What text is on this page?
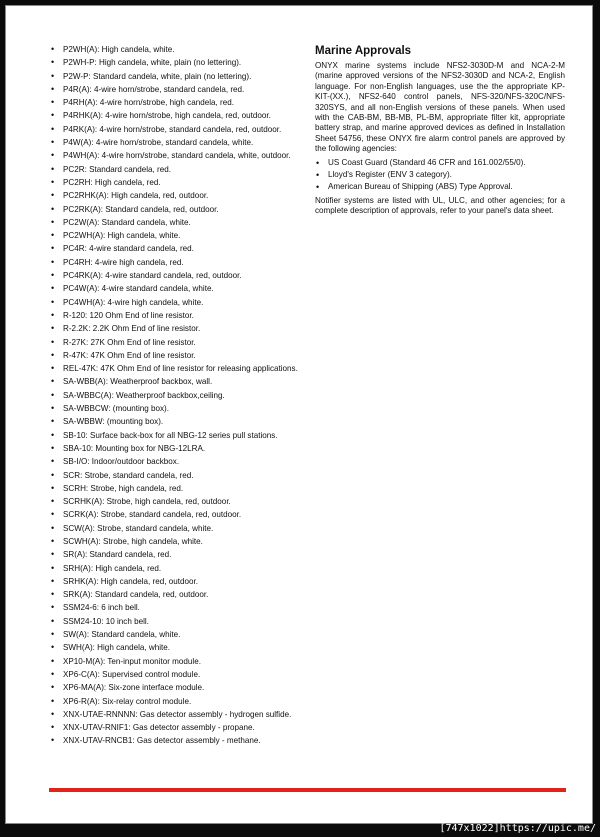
• P2WH(A): High candela, white.
• P2WH-P: High candela, white, plain (no lettering).
• P2W-P: Standard candela, white, plain (no lettering).
• P4R(A): 4-wire horn/strobe, standard candela, red.
• P4RH(A): 4-wire horn/strobe, high candela, red.
• P4RHK(A): 4-wire horn/strobe, high candela, red, outdoor.
• P4RK(A): 4-wire horn/strobe, standard candela, red, outdoor.
• P4W(A): 4-wire horn/strobe, standard candela, white.
• P4WH(A): 4-wire horn/strobe, standard candela, white, outdoor.
• PC2R: Standard candela, red.
• PC2RH: High candela, red.
• PC2RHK(A): High candela, red, outdoor.
• PC2RK(A): Standard candela, red, outdoor.
• PC2W(A): Standard candela, white.
• PC2WH(A): High candela, white.
• PC4R: 4-wire standard candela, red.
• PC4RH: 4-wire high candela, red.
• PC4RK(A): 4-wire standard candela, red, outdoor.
• PC4W(A): 4-wire standard candela, white.
• PC4WH(A): 4-wire high candela, white.
• R-120: 120 Ohm End of line resistor.
• R-2.2K: 2.2K Ohm End of line resistor.
• R-27K: 27K Ohm End of line resistor.
• R-47K: 47K Ohm End of line resistor.
• REL-47K: 47K Ohm End of line resistor for releasing applications.
• SA-WBB(A): Weatherproof backbox, wall.
• SA-WBBC(A): Weatherproof backbox,ceiling.
• SA-WBBCW: (mounting box).
• SA-WBBW: (mounting box).
• SB-10: Surface back-box for all NBG-12 series pull stations.
• SBA-10: Mounting box for NBG-12LRA.
• SB-I/O: Indoor/outdoor backbox.
• SCR: Strobe, standard candela, red.
• SCRH: Strobe, high candela, red.
• SCRHK(A): Strobe, high candela, red, outdoor.
• SCRK(A): Strobe, standard candela, red, outdoor.
• SCW(A): Strobe, standard candela, white.
• SCWH(A): Strobe, high candela, white.
• SR(A): Standard candela, red.
• SRH(A): High candela, red.
• SRHK(A): High candela, red, outdoor.
• SRK(A): Standard candela, red, outdoor.
• SSM24-6: 6 inch bell.
• SSM24-10: 10 inch bell.
• SW(A): Standard candela, white.
• SWH(A): High candela, white.
• XP10-M(A): Ten-input monitor module.
• XP6-C(A): Supervised control module.
• XP6-MA(A): Six-zone interface module.
• XP6-R(A): Six-relay control module.
• XNX-UTAE-RNNNN: Gas detector assembly - hydrogen sulfide.
• XNX-UTAV-RNIF1: Gas detector assembly - propane.
• XNX-UTAV-RNCB1: Gas detector assembly - methane.
Marine Approvals

ONYX marine systems include NFS2-3030D-M and NCA-2-M (marine approved versions of the NFS2-3030D and NCA-2, English language. For non-English languages, use the the appropriate KP-KIT-(XX.), NFS2-640 control panels, NFS-320/NFS-320C/NFS-320SYS, and all non-English versions of these panels. When used with the CAB-BM, BB-MB, PL-BM, appropriate filter kit, appropriate battery strap, and marine approved devices as defined in Installation Sheet 54756, these ONYX fire alarm control panels are approved by the following agencies:

• US Coast Guard (Standard 46 CFR and 161.002/55/0).
• Lloyd's Register (ENV 3 category).
• American Bureau of Shipping (ABS) Type Approval.

Notifier systems are listed with UL, ULC, and other agencies; for a complete description of approvals, refer to your panel's data sheet.

[747x1022]https://upic.me/
